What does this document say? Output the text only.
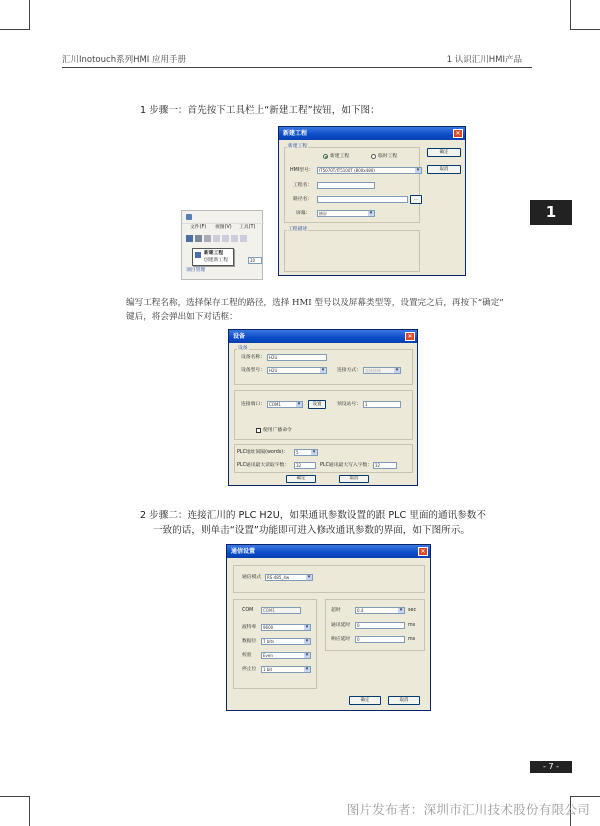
汇川Inotouch系列HMI 应用手册	1 认识汇川HMI产品
1 步骤一：首先按下工具栏上“新建工程”按钮，如下图：
文件(F) 视图(V) 工具(T)
新建工程
创建新工程	10
项目管理
新建工程	✕
新建工程
新建工程	临时工程
HMI型号：	IT5070T/IT5100T (800x480) ▾
工程名：
路径名：	...
屏幕：	横屏 ▾
工程描述
确定
取消
编写工程名称，选择保存工程的路径，选择 HMI 型号以及屏幕类型等，设置完之后，再按下“确定”
键后，将会弹出如下对话框：
设备	✕
设备
设备名称：	H2U
设备型号：	H2U ▾	连接方式：	直接连接 ▾
连接端口：	COM1 ▾	设置	预设站号：	1
使用广播命令
PLC地址间隔(words)：	5 ▾
PLC通讯最大读取字数：	32	PLC通讯最大写入字数： 32
确定	取消
2 步骤二：连接汇川的 PLC H2U，如果通讯参数设置的跟 PLC 里面的通讯参数不
一致的话，则单击“设置”功能即可进入修改通讯参数的界面，如下图所示。
通信设置	✕
通信模式	RS-485_4w ▾
COM	COM1
波特率	9600 ▾
数据位	7 bits ▾
校验	Even ▾
停止位	1 bit ▾
超时	0.4 ▾	sec
通讯延时	0	ms
响应延时	0	ms
确定	取消
1
- 7 -
图片发布者：深圳市汇川技术股份有限公司
